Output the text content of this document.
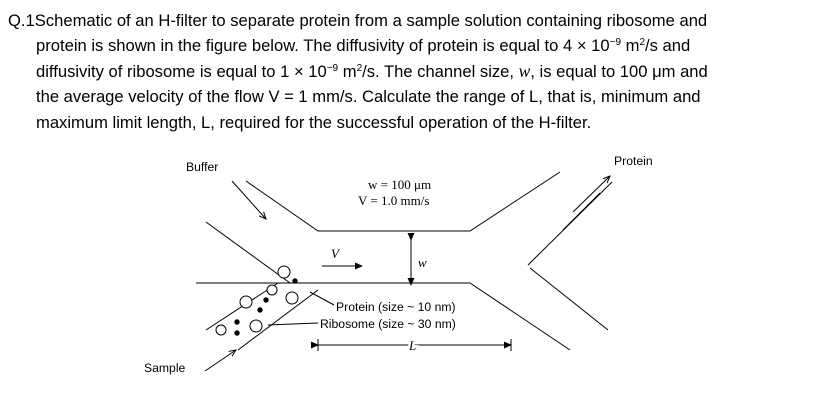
Q.1Schematic of an H-filter to separate protein from a sample solution containing ribosome and
protein is shown in the figure below. The diffusivity of protein is equal to $4 \times 10^{-9}$ $m^2/s$ and
diffusivity of ribosome is equal to $1 \times 10^{-9}$ $m^2/s$. The channel size, w, is equal to 100 μm and
the average velocity of the flow V = 1 mm/s. Calculate the range of L, that is, minimum and
maximum limit length, L, required for the successful operation of the H-filter.
Buffer	Protein
Sample
w = 100 μm
V = 1.0 mm/s
V
w
Protein (size ~ 10 nm)
Ribosome (size ~ 30 nm)
L
